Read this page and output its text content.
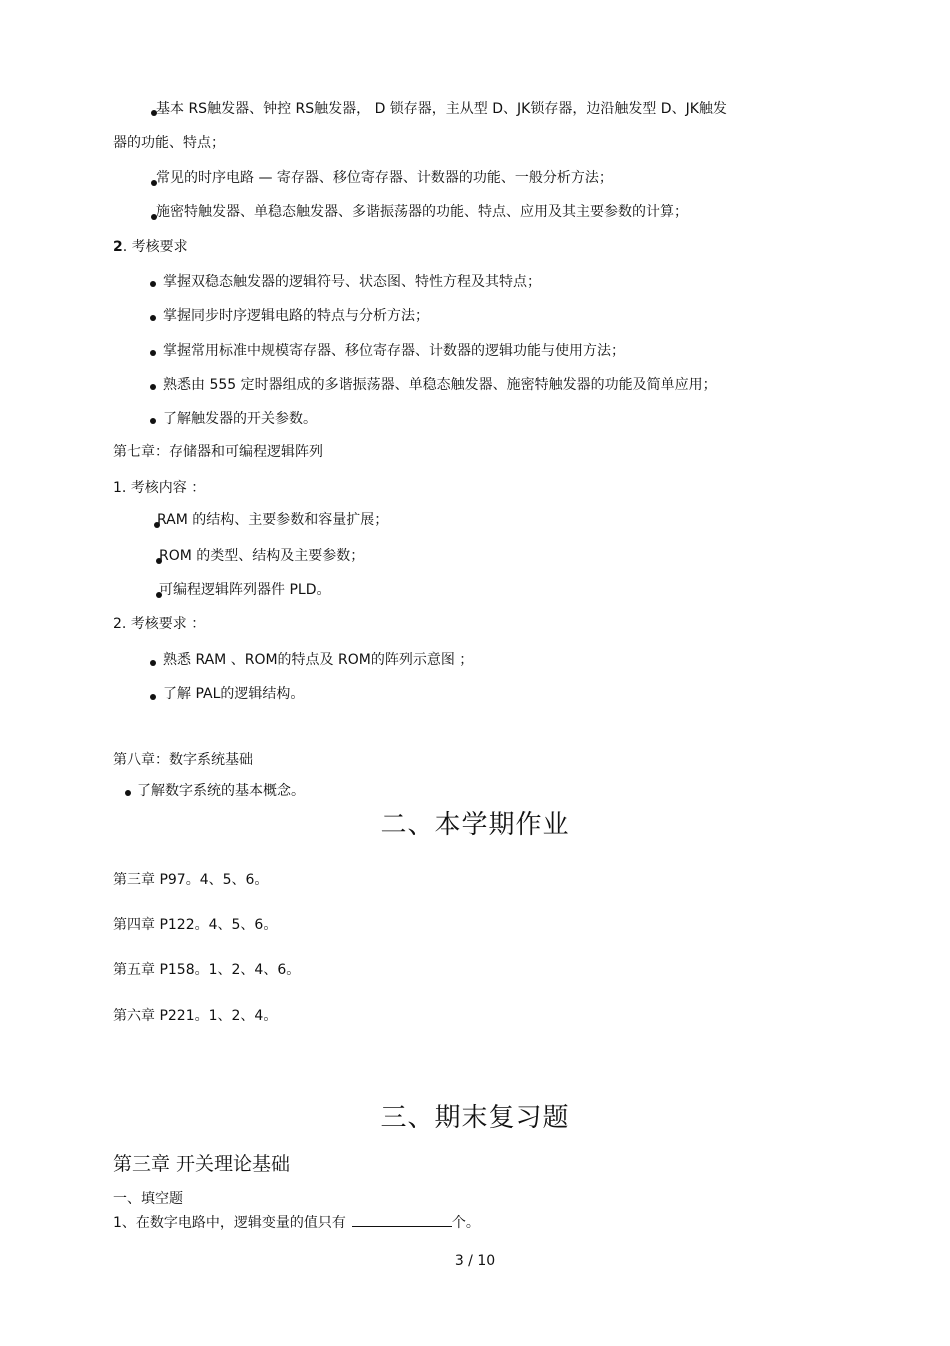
基本 RS触发器、钟控 RS触发器， D 锁存器，主从型 D、JK锁存器，边沿触发型 D、JK触发
器的功能、特点；
常见的时序电路 — 寄存器、移位寄存器、计数器的功能、一般分析方法；
施密特触发器、单稳态触发器、多谐振荡器的功能、特点、应用及其主要参数的计算；
2. 考核要求
掌握双稳态触发器的逻辑符号、状态图、特性方程及其特点；
掌握同步时序逻辑电路的特点与分析方法；
掌握常用标准中规模寄存器、移位寄存器、计数器的逻辑功能与使用方法；
熟悉由 555 定时器组成的多谐振荡器、单稳态触发器、施密特触发器的功能及简单应用；
了解触发器的开关参数。
第七章：存储器和可编程逻辑阵列
1. 考核内容 ：
RAM 的结构、主要参数和容量扩展；
ROM 的类型、结构及主要参数；
可编程逻辑阵列器件 PLD。
2. 考核要求 ：
熟悉 RAM 、ROM的特点及 ROM的阵列示意图 ；
了解 PAL的逻辑结构。
第八章：数字系统基础
了解数字系统的基本概念。
二、本学期作业
第三章 P97。4、5、6。
第四章 P122。4、5、6。
第五章 P158。1、2、4、6。
第六章 P221。1、2、4。
三、期末复习题
第三章 开关理论基础
一、填空题
1、在数字电路中，逻辑变量的值只有	个。
3 / 10
